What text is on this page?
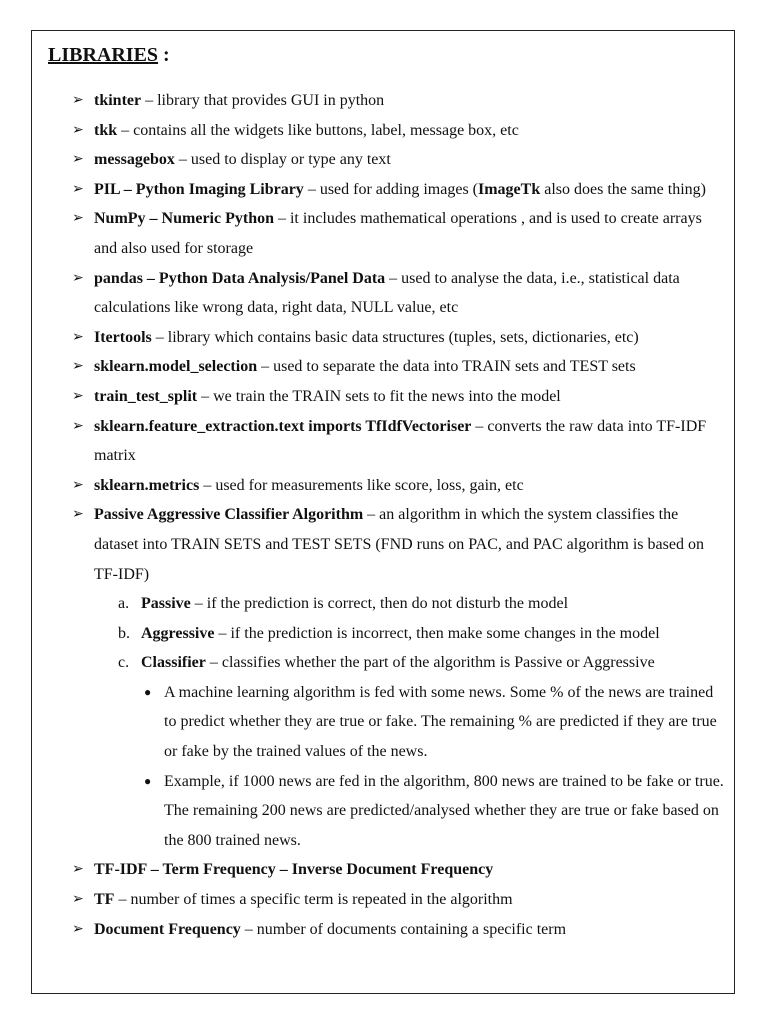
LIBRARIES :
➢ tkinter – library that provides GUI in python
➢ tkk – contains all the widgets like buttons, label, message box, etc
➢ messagebox – used to display or type any text
➢ PIL – Python Imaging Library – used for adding images (ImageTk also does the same thing)
➢ NumPy – Numeric Python – it includes mathematical operations , and is used to create arrays and also used for storage
➢ pandas – Python Data Analysis/Panel Data – used to analyse the data, i.e., statistical data calculations like wrong data, right data, NULL value, etc
➢ Itertools – library which contains basic data structures (tuples, sets, dictionaries, etc)
➢ sklearn.model_selection – used to separate the data into TRAIN sets and TEST sets
➢ train_test_split – we train the TRAIN sets to fit the news into the model
➢ sklearn.feature_extraction.text imports TfIdfVectoriser – converts the raw data into TF-IDF matrix
➢ sklearn.metrics – used for measurements like score, loss, gain, etc
➢ Passive Aggressive Classifier Algorithm – an algorithm in which the system classifies the dataset into TRAIN SETS and TEST SETS (FND runs on PAC, and PAC algorithm is based on TF-IDF)
a. Passive – if the prediction is correct, then do not disturb the model
b. Aggressive – if the prediction is incorrect, then make some changes in the model
c. Classifier – classifies whether the part of the algorithm is Passive or Aggressive
● A machine learning algorithm is fed with some news. Some % of the news are trained to predict whether they are true or fake. The remaining % are predicted if they are true or fake by the trained values of the news.
● Example, if 1000 news are fed in the algorithm, 800 news are trained to be fake or true. The remaining 200 news are predicted/analysed whether they are true or fake based on the 800 trained news.
➢ TF-IDF – Term Frequency – Inverse Document Frequency
➢ TF – number of times a specific term is repeated in the algorithm
➢ Document Frequency – number of documents containing a specific term
